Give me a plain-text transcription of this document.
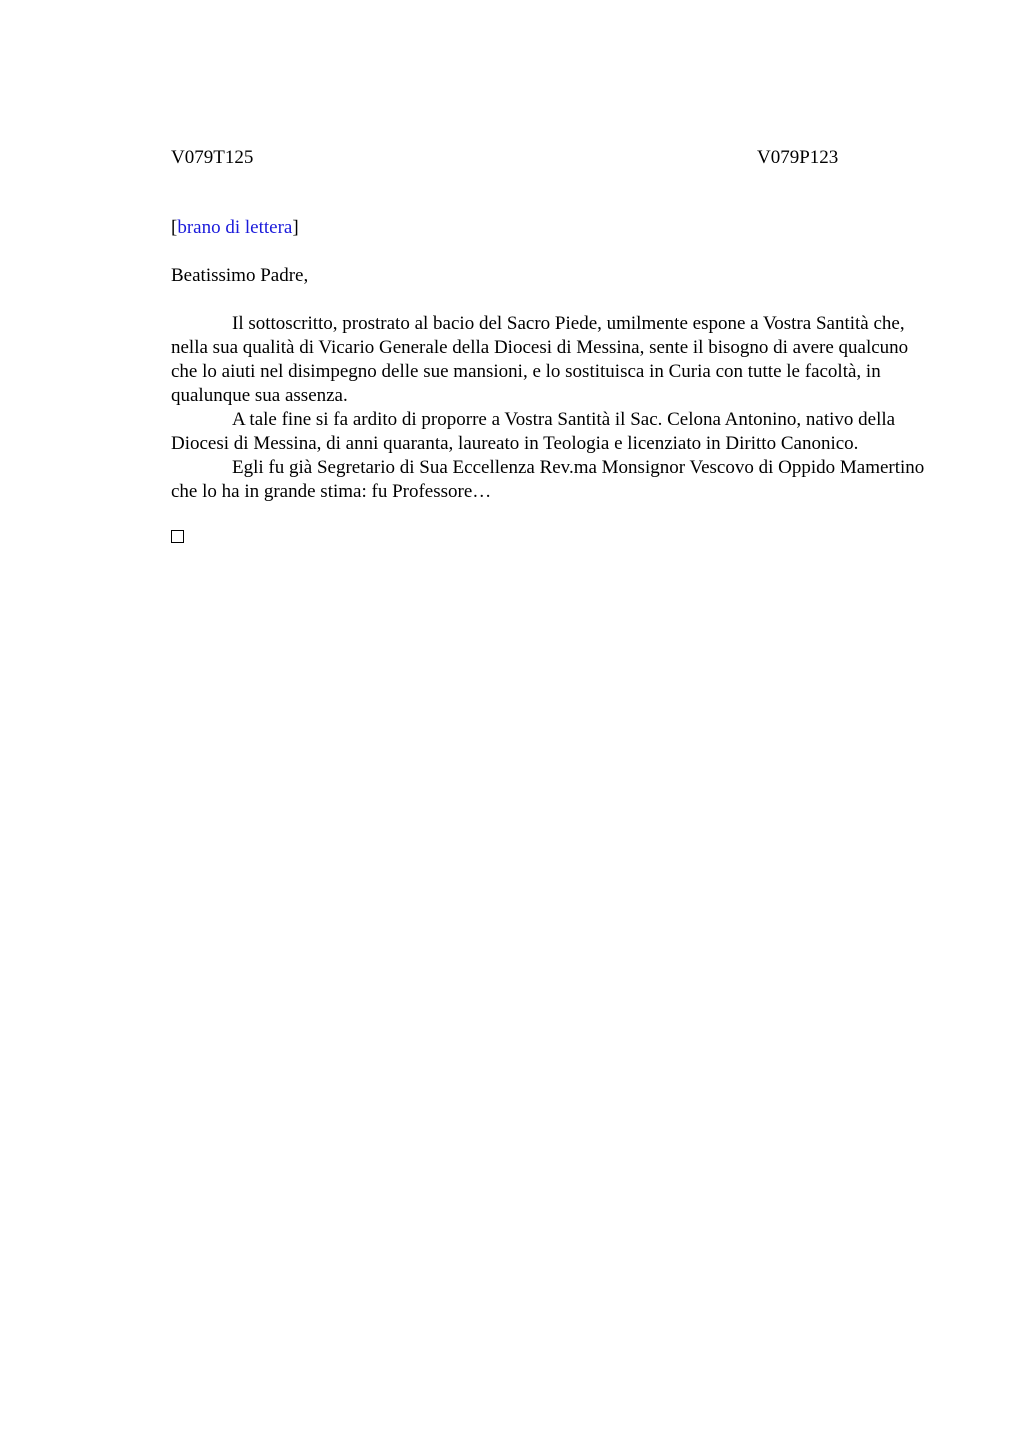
V079T125	V079P123
[brano di lettera]
Beatissimo Padre,

Il sottoscritto, prostrato al bacio del Sacro Piede, umilmente espone a Vostra Santità che, nella sua qualità di Vicario Generale della Diocesi di Messina, sente il bisogno di avere qualcuno che lo aiuti nel disimpegno delle sue mansioni, e lo sostituisca in Curia con tutte le facoltà, in qualunque sua assenza.

A tale fine si fa ardito di proporre a Vostra Santità il Sac. Celona Antonino, nativo della Diocesi di Messina, di anni quaranta, laureato in Teologia e licenziato in Diritto Canonico.

Egli fu già Segretario di Sua Eccellenza Rev.ma Monsignor Vescovo di Oppido Mamertino che lo ha in grande stima: fu Professore…
